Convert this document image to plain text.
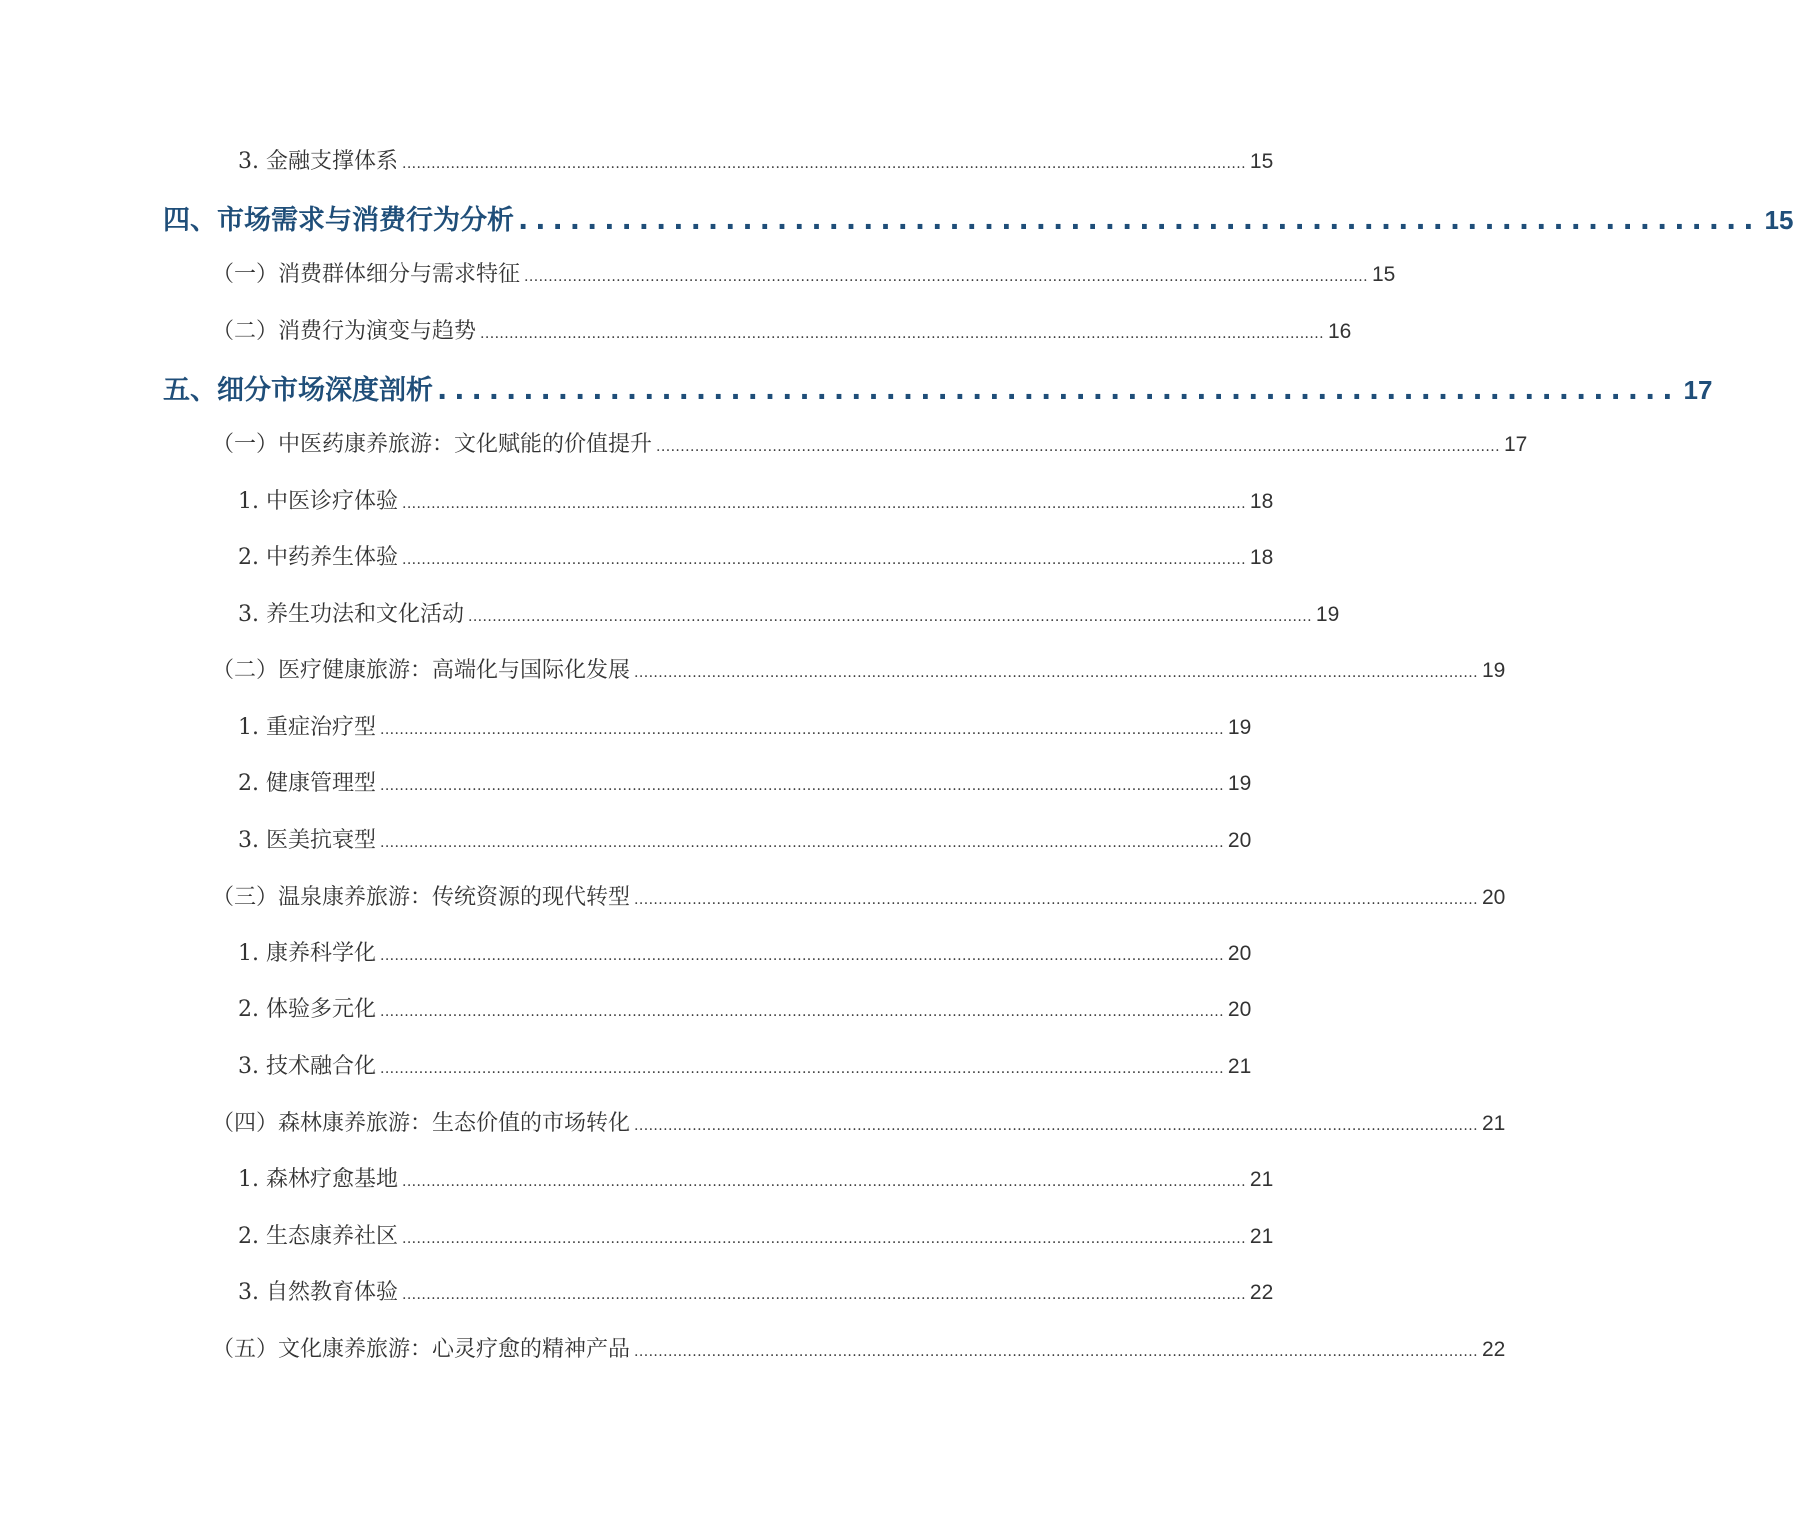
3. 金融支撑体系 .............................................................................................................................................................................. 15
四、市场需求与消费行为分析 ........................................................................ 15
（一）消费群体细分与需求特征 .............................................................................................................................................................................. 15
（二）消费行为演变与趋势 .............................................................................................................................................................................. 16
五、细分市场深度剖析 ........................................................................ 17
（一）中医药康养旅游：文化赋能的价值提升 .............................................................................................................................................................................. 17
1. 中医诊疗体验 .............................................................................................................................................................................. 18
2. 中药养生体验 .............................................................................................................................................................................. 18
3. 养生功法和文化活动 .............................................................................................................................................................................. 19
（二）医疗健康旅游：高端化与国际化发展 .............................................................................................................................................................................. 19
1. 重症治疗型 .............................................................................................................................................................................. 19
2. 健康管理型 .............................................................................................................................................................................. 19
3. 医美抗衰型 .............................................................................................................................................................................. 20
（三）温泉康养旅游：传统资源的现代转型 .............................................................................................................................................................................. 20
1. 康养科学化 .............................................................................................................................................................................. 20
2. 体验多元化 .............................................................................................................................................................................. 20
3. 技术融合化 .............................................................................................................................................................................. 21
（四）森林康养旅游：生态价值的市场转化 .............................................................................................................................................................................. 21
1. 森林疗愈基地 .............................................................................................................................................................................. 21
2. 生态康养社区 .............................................................................................................................................................................. 21
3. 自然教育体验 .............................................................................................................................................................................. 22
（五）文化康养旅游：心灵疗愈的精神产品 .............................................................................................................................................................................. 22
